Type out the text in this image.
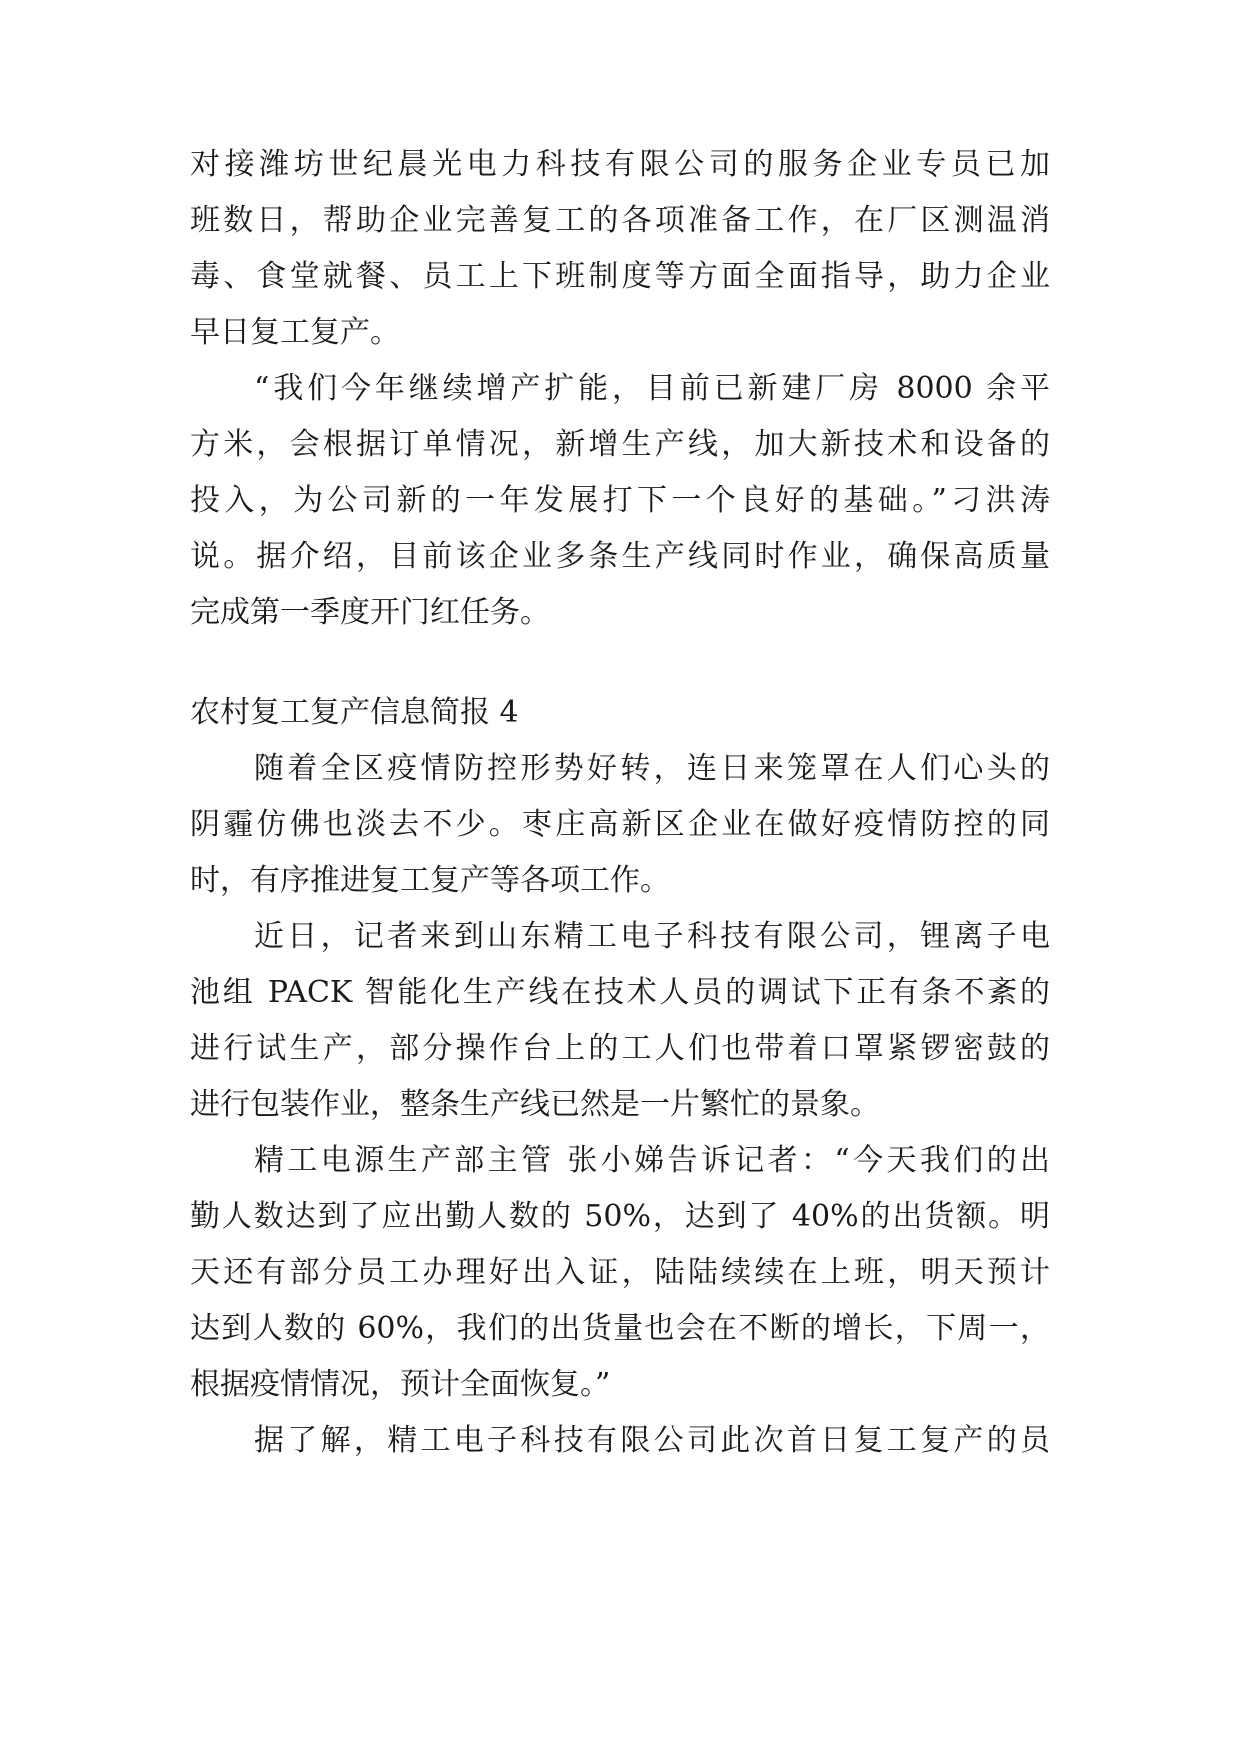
对接潍坊世纪晨光电力科技有限公司的服务企业专员已加
班数日，帮助企业完善复工的各项准备工作，在厂区测温消
毒、食堂就餐、员工上下班制度等方面全面指导，助力企业
早日复工复产。
“我们今年继续增产扩能，目前已新建厂房 8000 余平
方米，会根据订单情况，新增生产线，加大新技术和设备的
投入，为公司新的一年发展打下一个良好的基础。”刁洪涛
说。据介绍，目前该企业多条生产线同时作业，确保高质量
完成第一季度开门红任务。
农村复工复产信息简报 4
随着全区疫情防控形势好转，连日来笼罩在人们心头的
阴霾仿佛也淡去不少。枣庄高新区企业在做好疫情防控的同
时，有序推进复工复产等各项工作。
近日，记者来到山东精工电子科技有限公司，锂离子电
池组 PACK 智能化生产线在技术人员的调试下正有条不紊的
进行试生产，部分操作台上的工人们也带着口罩紧锣密鼓的
进行包装作业，整条生产线已然是一片繁忙的景象。
精工电源生产部主管 张小娣告诉记者：“今天我们的出
勤人数达到了应出勤人数的 50%，达到了 40%的出货额。明
天还有部分员工办理好出入证，陆陆续续在上班，明天预计
达到人数的 60%，我们的出货量也会在不断的增长，下周一，
根据疫情情况，预计全面恢复。”
据了解，精工电子科技有限公司此次首日复工复产的员
